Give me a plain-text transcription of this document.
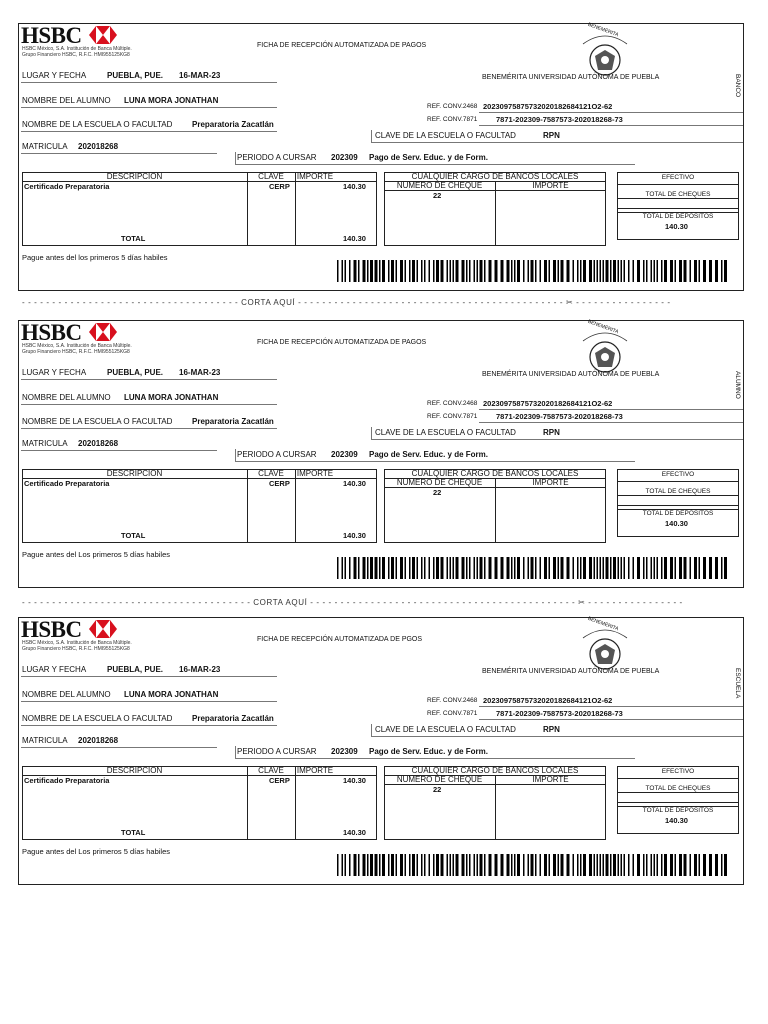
HSBC
HSBC México, S.A. Institución de Banca Múltiple.
Grupo Financiero HSBC, R.F.C. HMI955125KG8
FICHA DE RECEPCIÓN AUTOMATIZADA DE PAGOS
BENEMÉRITA
BANCO
BENEMÉRITA UNIVERSIDAD AUTÓNOMA DE PUEBLA
LUGAR Y FECHA	PUEBLA, PUE. 16-MAR-23
NOMBRE DEL ALUMNO LUNA MORA JONATHAN
NOMBRE DE LA ESCUELA O FACULTAD Preparatoria Zacatlán
REF. CONV.2468 20230975875732020182684121O2-62
REF. CONV.7871 7871-202309-7587573-202018268-73
CLAVE DE LA ESCUELA O FACULTAD	RPN
MATRICULA 202018268
PERIODO A CURSAR 202309 Pago de Serv. Educ. y de Form.
DESCRIPCION	CLAVE	IMPORTE
Certificado Preparatoria	CERP	140.30
TOTAL	140.30
CUALQUIER CARGO DE BANCOS LOCALES
NUMERO DE CHEQUE	IMPORTE
22
EFECTIVO
TOTAL DE CHEQUES
TOTAL DE DEPÓSITOS
140.30
Pague antes del los primeros 5 días habiles
- - - - - - - - - - - - - - - - - - - - - - - - - - - - - - - - - - - - CORTA AQUÍ - - - - - - - - - - - - - - - - - - - - - - - - - - - - - - - - - - - - - - - - - - - - ✂ - - - - - - - - - - - - - - - -
HSBC
HSBC México, S.A. Institución de Banca Múltiple.
Grupo Financiero HSBC, R.F.C. HMI955125KG8
FICHA DE RECEPCIÓN AUTOMATIZADA DE PAGOS
BENEMÉRITA
ALUMNO
BENEMÉRITA UNIVERSIDAD AUTÓNOMA DE PUEBLA
LUGAR Y FECHA	PUEBLA, PUE. 16-MAR-23
NOMBRE DEL ALUMNO LUNA MORA JONATHAN
NOMBRE DE LA ESCUELA O FACULTAD Preparatoria Zacatlán
REF. CONV.2468 20230975875732020182684121O2-62
REF. CONV.7871 7871-202309-7587573-202018268-73
CLAVE DE LA ESCUELA O FACULTAD	RPN
MATRICULA 202018268
PERIODO A CURSAR 202309 Pago de Serv. Educ. y de Form.
DESCRIPCION	CLAVE	IMPORTE
Certificado Preparatoria	CERP	140.30
TOTAL	140.30
CUALQUIER CARGO DE BANCOS LOCALES
NUMERO DE CHEQUE	IMPORTE
22
EFECTIVO
TOTAL DE CHEQUES
TOTAL DE DEPÓSITOS
140.30
Pague antes del Los primeros 5 días habiles
- - - - - - - - - - - - - - - - - - - - - - - - - - - - - - - - - - - - - - CORTA AQUÍ - - - - - - - - - - - - - - - - - - - - - - - - - - - - - - - - - - - - - - - - - - - - ✂ - - - - - - - - - - - - - - - -
HSBC
HSBC México, S.A. Institución de Banca Múltiple.
Grupo Financiero HSBC, R.F.C. HMI955125KG8
FICHA DE RECEPCIÓN AUTOMATIZADA DE PGOS
BENEMÉRITA
ESCUELA
BENEMÉRITA UNIVERSIDAD AUTÓNOMA DE PUEBLA
LUGAR Y FECHA	PUEBLA, PUE. 16-MAR-23
NOMBRE DEL ALUMNO LUNA MORA JONATHAN
NOMBRE DE LA ESCUELA O FACULTAD Preparatoria Zacatlán
REF. CONV.2468 20230975875732020182684121O2-62
REF. CONV.7871 7871-202309-7587573-202018268-73
CLAVE DE LA ESCUELA O FACULTAD	RPN
MATRICULA 202018268
PERIODO A CURSAR 202309 Pago de Serv. Educ. y de Form.
DESCRIPCION	CLAVE	IMPORTE
Certificado Preparatoria	CERP	140.30
TOTAL	140.30
CUALQUIER CARGO DE BANCOS LOCALES
NUMERO DE CHEQUE	IMPORTE
22
EFECTIVO
TOTAL DE CHEQUES
TOTAL DE DEPÓSITOS
140.30
Pague antes del Los primeros 5 días habiles
